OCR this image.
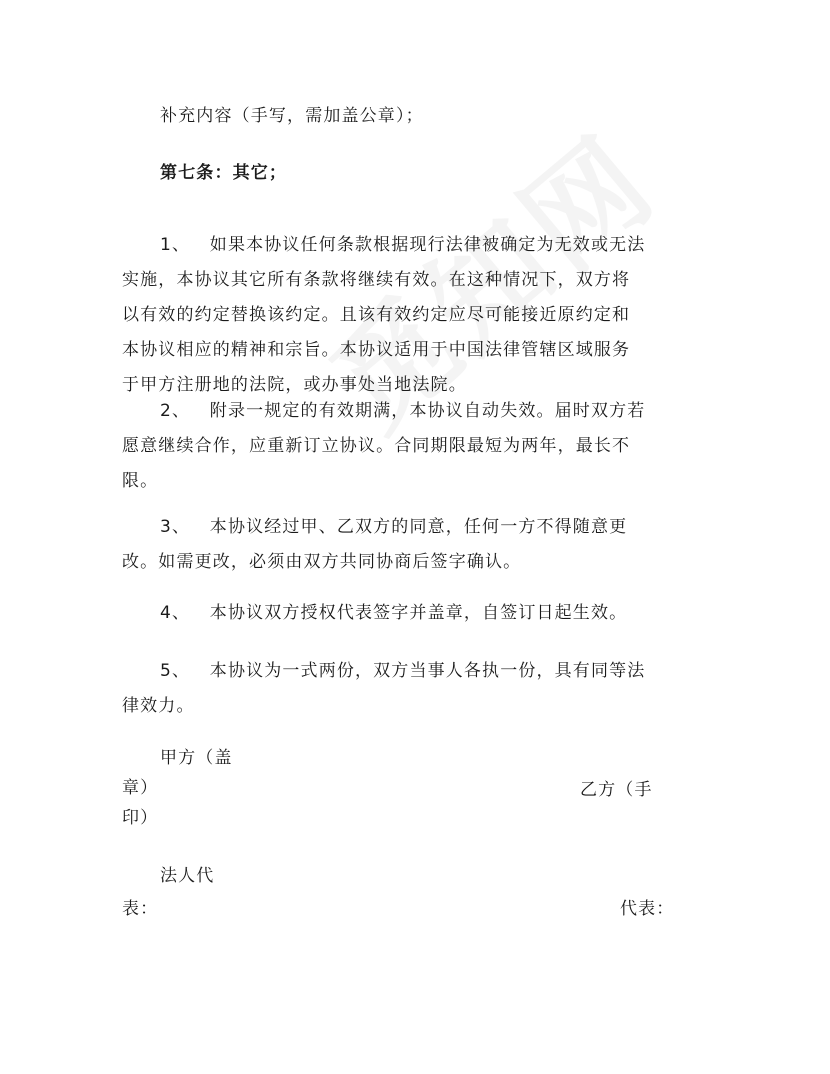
补充内容（手写，需加盖公章）；
第七条：其它；
1、 如果本协议任何条款根据现行法律被确定为无效或无法
实施，本协议其它所有条款将继续有效。在这种情况下，双方将
以有效的约定替换该约定。且该有效约定应尽可能接近原约定和
本协议相应的精神和宗旨。本协议适用于中国法律管辖区域服务
于甲方注册地的法院，或办事处当地法院。
2、 附录一规定的有效期满，本协议自动失效。届时双方若
愿意继续合作，应重新订立协议。合同期限最短为两年，最长不
限。
3、 本协议经过甲、乙双方的同意，任何一方不得随意更
改。如需更改，必须由双方共同协商后签字确认。
4、 本协议双方授权代表签字并盖章，自签订日起生效。
5、 本协议为一式两份，双方当事人各执一份，具有同等法
律效力。
甲方（盖
章）	乙方（手
印）
法人代
表：	代表：
